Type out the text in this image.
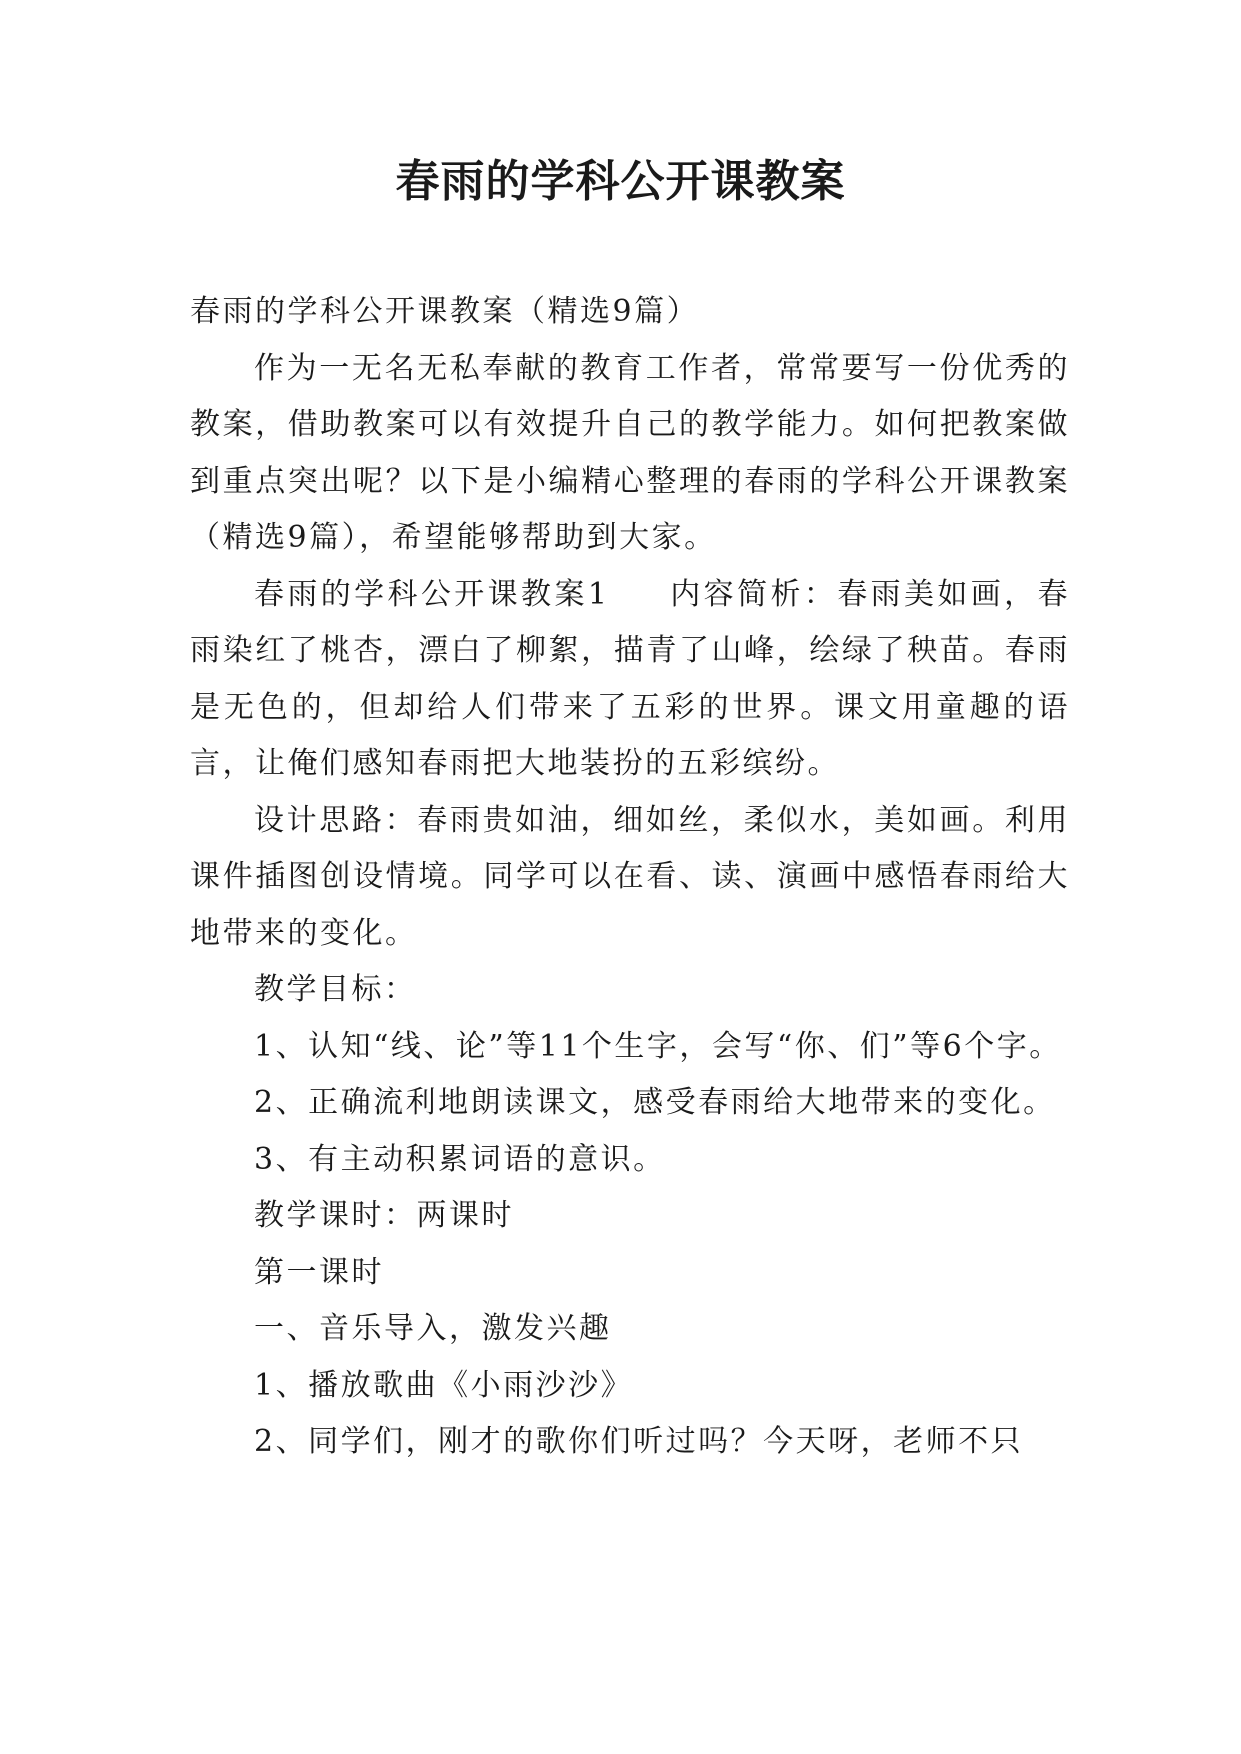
春雨的学科公开课教案

春雨的学科公开课教案（精选9篇）

作为一无名无私奉献的教育工作者，常常要写一份优秀的教案，借助教案可以有效提升自己的教学能力。如何把教案做到重点突出呢？以下是小编精心整理的春雨的学科公开课教案（精选9篇），希望能够帮助到大家。

春雨的学科公开课教案1 内容简析：春雨美如画，春雨染红了桃杏，漂白了柳絮，描青了山峰，绘绿了秧苗。春雨是无色的，但却给人们带来了五彩的世界。课文用童趣的语言，让俺们感知春雨把大地装扮的五彩缤纷。

设计思路：春雨贵如油，细如丝，柔似水，美如画。利用课件插图创设情境。同学可以在看、读、演画中感悟春雨给大地带来的变化。

教学目标：

1、认知“线、论”等11个生字，会写“你、们”等6个字。

2、正确流利地朗读课文，感受春雨给大地带来的变化。

3、有主动积累词语的意识。

教学课时：两课时

第一课时

一、音乐导入，激发兴趣

1、播放歌曲《小雨沙沙》

2、同学们，刚才的歌你们听过吗？今天呀，老师不只
